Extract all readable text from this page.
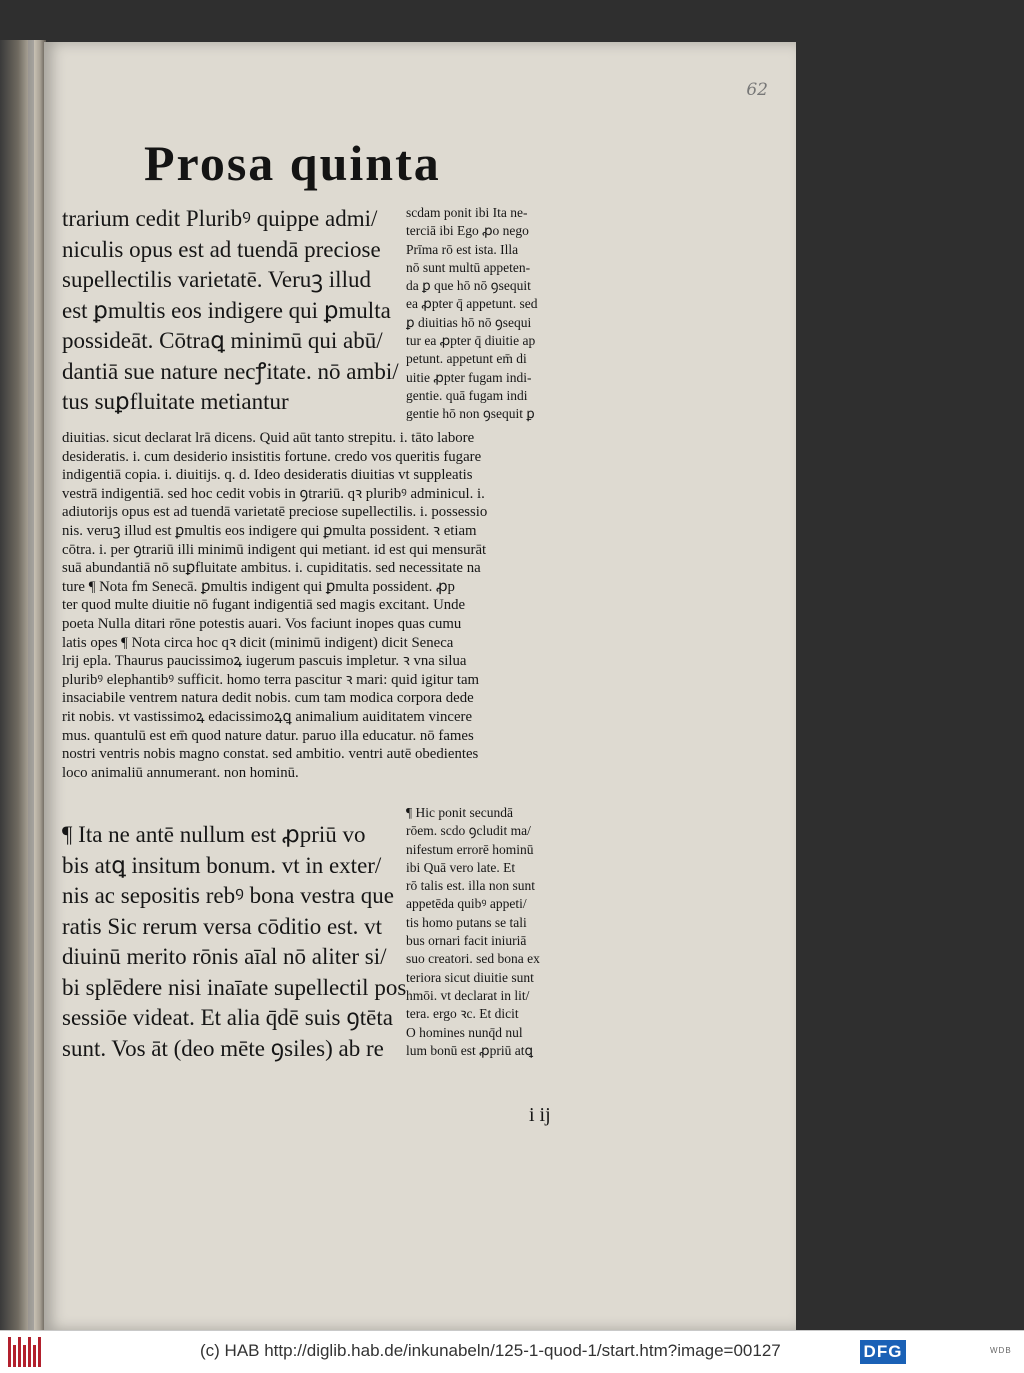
62
Prosa quinta
trarium cedit Pluribꝰ quippe admi/
niculis opus est ad tuendā preciose
supellectilis varietatē. Veruꝫ illud
est ꝑmultis eos indigere qui ꝑmulta
possideāt. Cōtraꝗ minimū qui abū/
dantiā sue nature necꝭitate. nō ambi/
tus suꝑfluitate metiantur
scdam ponit ibi Ita ne-
terciā ibi Ego ꝓo nego
Prīma rō est ista. Illa
nō sunt multū appeten-
da ꝑ que hō nō ꝯsequit
ea ꝓpter q̄ appetunt. sed
ꝑ diuitias hō nō ꝯsequi
tur ea ꝓpter q̄ diuitie ap
petunt. appetunt em̄ di
uitie ꝓpter fugam indi-
gentie. quā fugam indi
gentie hō non ꝯsequit ꝑ
diuitias. sicut declarat lrā dicens. Quid aūt tanto strepitu. i. tāto labore
desideratis. i. cum desiderio insistitis fortune. credo vos queritis fugare
indigentiā copia. i. diuitijs. q. d. Ideo desideratis diuitias vt suppleatis
vestrā indigentiā. sed hoc cedit vobis in ꝯtrariū. qꝛ pluribꝰ adminicul. i.
adiutorijs opus est ad tuendā varietatē preciose supellectilis. i. possessio
nis. veruꝫ illud est ꝑmultis eos indigere qui ꝑmulta possident. ꝛ etiam
cōtra. i. per ꝯtrariū illi minimū indigent qui metiant. id est qui mensurāt
suā abundantiā nō suꝑfluitate ambitus. i. cupiditatis. sed necessitate na
ture ¶ Nota fm Senecā. ꝑmultis indigent qui ꝑmulta possident. ꝓp
ter quod multe diuitie nō fugant indigentiā sed magis excitant. Unde
poeta Nulla ditari rōne potestis auari. Vos faciunt inopes quas cumu
latis opes ¶ Nota circa hoc qꝛ dicit (minimū indigent) dicit Seneca
lrij epla. Thaurus paucissimoꝝ iugerum pascuis impletur. ꝛ vna silua
pluribꝰ elephantibꝰ sufficit. homo terra pascitur ꝛ mari: quid igitur tam
insaciabile ventrem natura dedit nobis. cum tam modica corpora dede
rit nobis. vt vastissimoꝝ edacissimoꝝꝗ animalium auiditatem vincere
mus. quantulū est em̄ quod nature datur. paruo illa educatur. nō fames
nostri ventris nobis magno constat. sed ambitio. ventri autē obedientes
loco animaliū annumerant. non hominū.
¶ Ita ne antē nullum est ꝓpriū vo
bis atꝗ insitum bonum. vt in exter/
nis ac sepositis rebꝰ bona vestra que
ratis Sic rerum versa cōditio est. vt
diuinū merito rōnis aīal nō aliter si/
bi splēdere nisi inaīate supellectil pos
sessiōe videat. Et alia q̄dē suis ꝯtēta
sunt. Vos āt (deo mēte ꝯsiles) ab re
¶ Hic ponit secundā
rōem. scdo ꝯcludit ma/
nifestum errorē hominū
ibi Quā vero late. Et
rō talis est. illa non sunt
appetēda quibꝰ appeti/
tis homo putans se tali
bus ornari facit iniuriā
suo creatori. sed bona ex
teriora sicut diuitie sunt
hmōi. vt declarat in lit/
tera. ergo ꝛc. Et dicit
O homines nunq̄d nul
lum bonū est ꝓpriū atꝗ
i ij
(c) HAB http://diglib.hab.de/inkunabeln/125-1-quod-1/start.htm?image=00127	DFG	WDB
